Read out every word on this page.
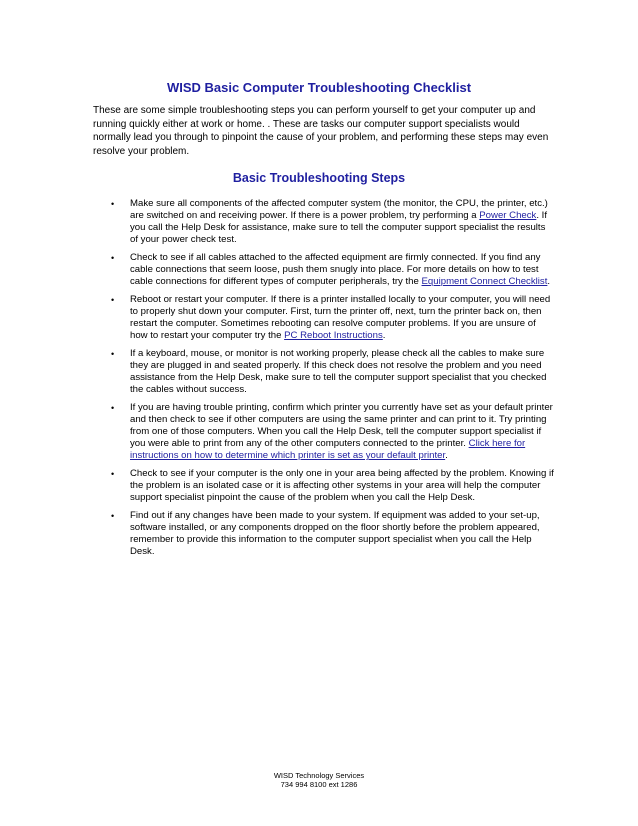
WISD Basic Computer Troubleshooting Checklist

These are some simple troubleshooting steps you can perform yourself to get your computer up and running quickly either at work or home. . These are tasks our computer support specialists would normally lead you through to pinpoint the cause of your problem, and performing these steps may even resolve your problem.

Basic Troubleshooting Steps
• Make sure all components of the affected computer system (the monitor, the CPU, the printer, etc.) are switched on and receiving power. If there is a power problem, try performing a Power Check. If you call the Help Desk for assistance, make sure to tell the computer support specialist the results of your power check test.
• Check to see if all cables attached to the affected equipment are firmly connected. If you find any cable connections that seem loose, push them snugly into place. For more details on how to test cable connections for different types of computer peripherals, try the Equipment Connect Checklist.
• Reboot or restart your computer. If there is a printer installed locally to your computer, you will need to properly shut down your computer. First, turn the printer off, next, turn the printer back on, then restart the computer. Sometimes rebooting can resolve computer problems. If you are unsure of how to restart your computer try the PC Reboot Instructions.
• If a keyboard, mouse, or monitor is not working properly, please check all the cables to make sure they are plugged in and seated properly. If this check does not resolve the problem and you need assistance from the Help Desk, make sure to tell the computer support specialist that you checked the cables without success.
• If you are having trouble printing, confirm which printer you currently have set as your default printer and then check to see if other computers are using the same printer and can print to it. Try printing from one of those computers. When you call the Help Desk, tell the computer support specialist if you were able to print from any of the other computers connected to the printer. Click here for instructions on how to determine which printer is set as your default printer.
• Check to see if your computer is the only one in your area being affected by the problem. Knowing if the problem is an isolated case or it is affecting other systems in your area will help the computer support specialist pinpoint the cause of the problem when you call the Help Desk.
• Find out if any changes have been made to your system. If equipment was added to your set-up, software installed, or any components dropped on the floor shortly before the problem appeared, remember to provide this information to the computer support specialist when you call the Help Desk.
WISD Technology Services
734 994 8100 ext 1286
